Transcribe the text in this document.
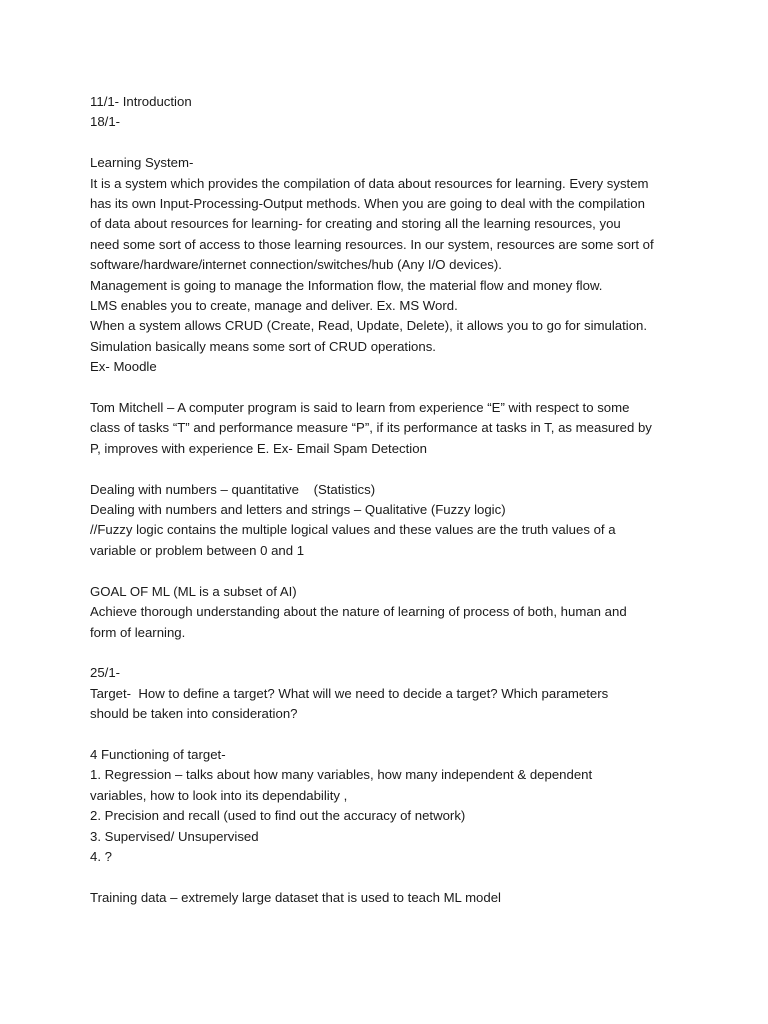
11/1- Introduction
18/1-
Learning System-
It is a system which provides the compilation of data about resources for learning. Every system
has its own Input-Processing-Output methods. When you are going to deal with the compilation
of data about resources for learning- for creating and storing all the learning resources, you
need some sort of access to those learning resources. In our system, resources are some sort of
software/hardware/internet connection/switches/hub (Any I/O devices).
Management is going to manage the Information flow, the material flow and money flow.
LMS enables you to create, manage and deliver. Ex. MS Word.
When a system allows CRUD (Create, Read, Update, Delete), it allows you to go for simulation.
Simulation basically means some sort of CRUD operations.
Ex- Moodle
Tom Mitchell – A computer program is said to learn from experience “E” with respect to some
class of tasks “T” and performance measure “P”, if its performance at tasks in T, as measured by
P, improves with experience E. Ex- Email Spam Detection
Dealing with numbers – quantitative    (Statistics)
Dealing with numbers and letters and strings – Qualitative (Fuzzy logic)
//Fuzzy logic contains the multiple logical values and these values are the truth values of a
variable or problem between 0 and 1
GOAL OF ML (ML is a subset of AI)
Achieve thorough understanding about the nature of learning of process of both, human and
form of learning.
25/1-
Target-  How to define a target? What will we need to decide a target? Which parameters
should be taken into consideration?
4 Functioning of target-
1. Regression – talks about how many variables, how many independent & dependent
variables, how to look into its dependability ,
2. Precision and recall (used to find out the accuracy of network)
3. Supervised/ Unsupervised
4. ?
Training data – extremely large dataset that is used to teach ML model
